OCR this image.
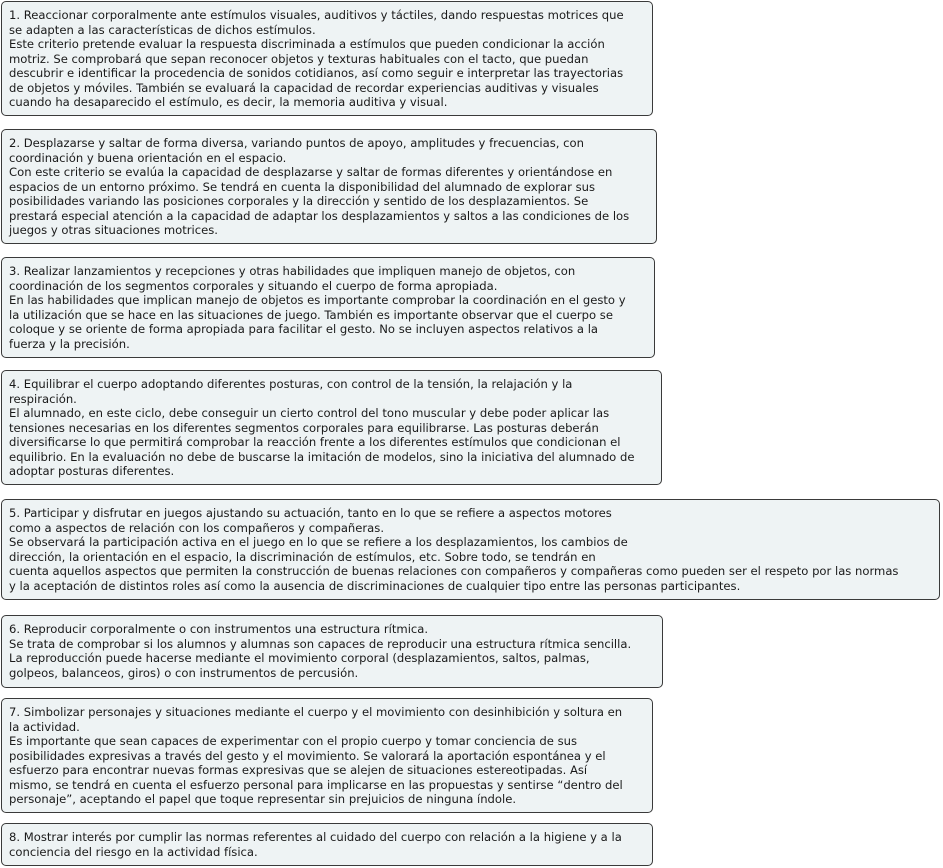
1. Reaccionar corporalmente ante estímulos visuales, auditivos y táctiles, dando respuestas motrices que
se adapten a las características de dichos estímulos.
Este criterio pretende evaluar la respuesta discriminada a estímulos que pueden condicionar la acción
motriz. Se comprobará que sepan reconocer objetos y texturas habituales con el tacto, que puedan
descubrir e identificar la procedencia de sonidos cotidianos, así como seguir e interpretar las trayectorias
de objetos y móviles. También se evaluará la capacidad de recordar experiencias auditivas y visuales
cuando ha desaparecido el estímulo, es decir, la memoria auditiva y visual.
2. Desplazarse y saltar de forma diversa, variando puntos de apoyo, amplitudes y frecuencias, con
coordinación y buena orientación en el espacio.
Con este criterio se evalúa la capacidad de desplazarse y saltar de formas diferentes y orientándose en
espacios de un entorno próximo. Se tendrá en cuenta la disponibilidad del alumnado de explorar sus
posibilidades variando las posiciones corporales y la dirección y sentido de los desplazamientos. Se
prestará especial atención a la capacidad de adaptar los desplazamientos y saltos a las condiciones de los
juegos y otras situaciones motrices.
3. Realizar lanzamientos y recepciones y otras habilidades que impliquen manejo de objetos, con
coordinación de los segmentos corporales y situando el cuerpo de forma apropiada.
En las habilidades que implican manejo de objetos es importante comprobar la coordinación en el gesto y
la utilización que se hace en las situaciones de juego. También es importante observar que el cuerpo se
coloque y se oriente de forma apropiada para facilitar el gesto. No se incluyen aspectos relativos a la
fuerza y la precisión.
4. Equilibrar el cuerpo adoptando diferentes posturas, con control de la tensión, la relajación y la
respiración.
El alumnado, en este ciclo, debe conseguir un cierto control del tono muscular y debe poder aplicar las
tensiones necesarias en los diferentes segmentos corporales para equilibrarse. Las posturas deberán
diversificarse lo que permitirá comprobar la reacción frente a los diferentes estímulos que condicionan el
equilibrio. En la evaluación no debe de buscarse la imitación de modelos, sino la iniciativa del alumnado de
adoptar posturas diferentes.
5. Participar y disfrutar en juegos ajustando su actuación, tanto en lo que se refiere a aspectos motores
como a aspectos de relación con los compañeros y compañeras.
Se observará la participación activa en el juego en lo que se refiere a los desplazamientos, los cambios de
dirección, la orientación en el espacio, la discriminación de estímulos, etc. Sobre todo, se tendrán en
cuenta aquellos aspectos que permiten la construcción de buenas relaciones con compañeros y compañeras como pueden ser el respeto por las normas
y la aceptación de distintos roles así como la ausencia de discriminaciones de cualquier tipo entre las personas participantes.
6. Reproducir corporalmente o con instrumentos una estructura rítmica.
Se trata de comprobar si los alumnos y alumnas son capaces de reproducir una estructura rítmica sencilla.
La reproducción puede hacerse mediante el movimiento corporal (desplazamientos, saltos, palmas,
golpeos, balanceos, giros) o con instrumentos de percusión.
7. Simbolizar personajes y situaciones mediante el cuerpo y el movimiento con desinhibición y soltura en
la actividad.
Es importante que sean capaces de experimentar con el propio cuerpo y tomar conciencia de sus
posibilidades expresivas a través del gesto y el movimiento. Se valorará la aportación espontánea y el
esfuerzo para encontrar nuevas formas expresivas que se alejen de situaciones estereotipadas. Así
mismo, se tendrá en cuenta el esfuerzo personal para implicarse en las propuestas y sentirse “dentro del
personaje”, aceptando el papel que toque representar sin prejuicios de ninguna índole.
8. Mostrar interés por cumplir las normas referentes al cuidado del cuerpo con relación a la higiene y a la
conciencia del riesgo en la actividad física.
